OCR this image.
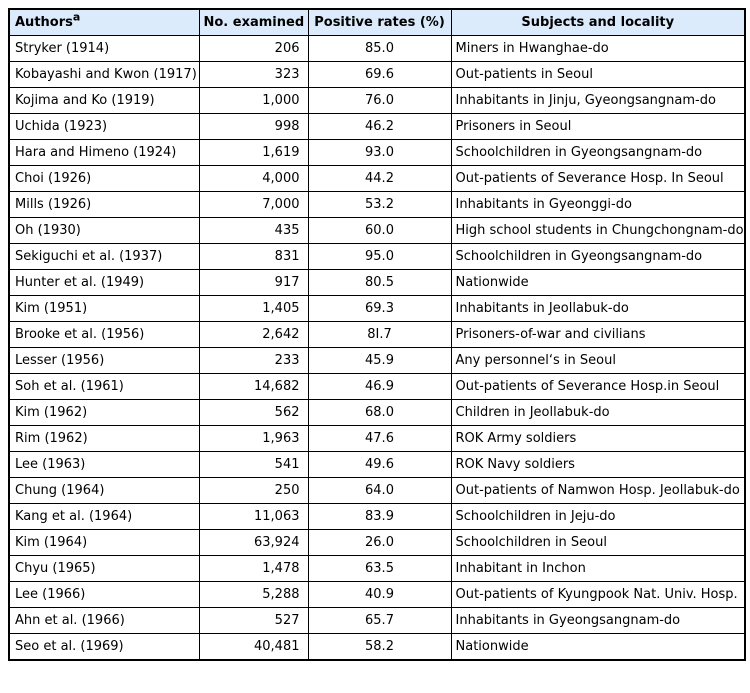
Authors$^a$	No. examined	Positive rates (%)	Subjects and locality
Stryker (1914)	206	85.0	Miners in Hwanghae-do
Kobayashi and Kwon (1917)	323	69.6	Out-patients in Seoul
Kojima and Ko (1919)	1,000	76.0	Inhabitants in Jinju, Gyeongsangnam-do
Uchida (1923)	998	46.2	Prisoners in Seoul
Hara and Himeno (1924)	1,619	93.0	Schoolchildren in Gyeongsangnam-do
Choi (1926)	4,000	44.2	Out-patients of Severance Hosp. In Seoul
Mills (1926)	7,000	53.2	Inhabitants in Gyeonggi-do
Oh (1930)	435	60.0	High school students in Chungchongnam-do
Sekiguchi et al. (1937)	831	95.0	Schoolchildren in Gyeongsangnam-do
Hunter et al. (1949)	917	80.5	Nationwide
Kim (1951)	1,405	69.3	Inhabitants in Jeollabuk-do
Brooke et al. (1956)	2,642	8I.7	Prisoners-of-war and civilians
Lesser (1956)	233	45.9	Any personnel‘s in Seoul
Soh et al. (1961)	14,682	46.9	Out-patients of Severance Hosp.in Seoul
Kim (1962)	562	68.0	Children in Jeollabuk-do
Rim (1962)	1,963	47.6	ROK Army soldiers
Lee (1963)	541	49.6	ROK Navy soldiers
Chung (1964)	250	64.0	Out-patients of Namwon Hosp. Jeollabuk-do
Kang et al. (1964)	11,063	83.9	Schoolchildren in Jeju-do
Kim (1964)	63,924	26.0	Schoolchildren in Seoul
Chyu (1965)	1,478	63.5	Inhabitant in Inchon
Lee (1966)	5,288	40.9	Out-patients of Kyungpook Nat. Univ. Hosp.
Ahn et al. (1966)	527	65.7	Inhabitants in Gyeongsangnam-do
Seo et al. (1969)	40,481	58.2	Nationwide
